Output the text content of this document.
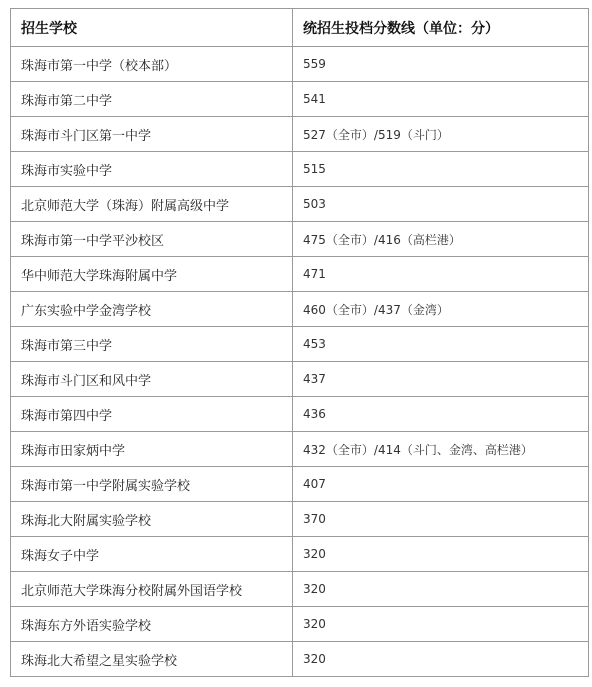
招生学校	统招生投档分数线（单位：分）
珠海市第一中学（校本部）	559
珠海市第二中学	541
珠海市斗门区第一中学	527（全市）/519（斗门）
珠海市实验中学	515
北京师范大学（珠海）附属高级中学	503
珠海市第一中学平沙校区	475（全市）/416（高栏港）
华中师范大学珠海附属中学	471
广东实验中学金湾学校	460（全市）/437（金湾）
珠海市第三中学	453
珠海市斗门区和风中学	437
珠海市第四中学	436
珠海市田家炳中学	432（全市）/414（斗门、金湾、高栏港）
珠海市第一中学附属实验学校	407
珠海北大附属实验学校	370
珠海女子中学	320
北京师范大学珠海分校附属外国语学校	320
珠海东方外语实验学校	320
珠海北大希望之星实验学校	320
